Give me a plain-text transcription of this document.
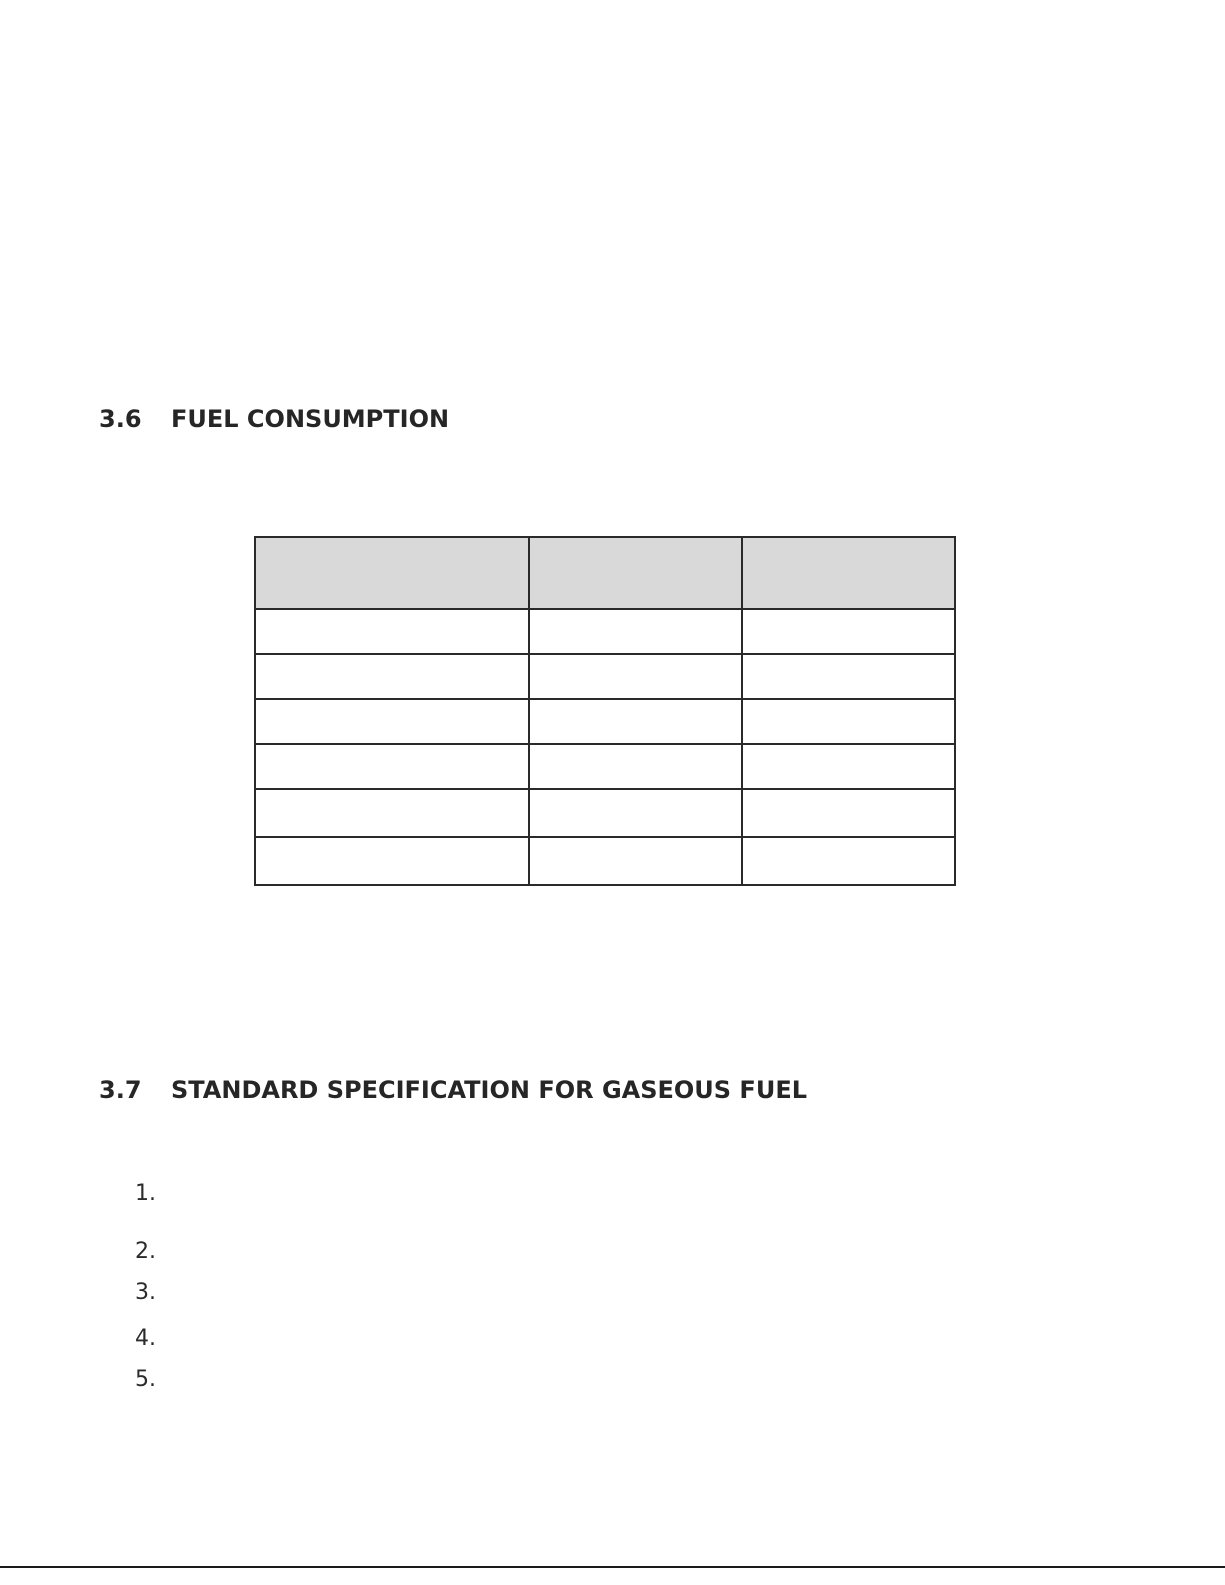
3.6 FUEL CONSUMPTION

3.7 STANDARD SPECIFICATION FOR GASEOUS FUEL
1.
2.
3.
4.
5.
